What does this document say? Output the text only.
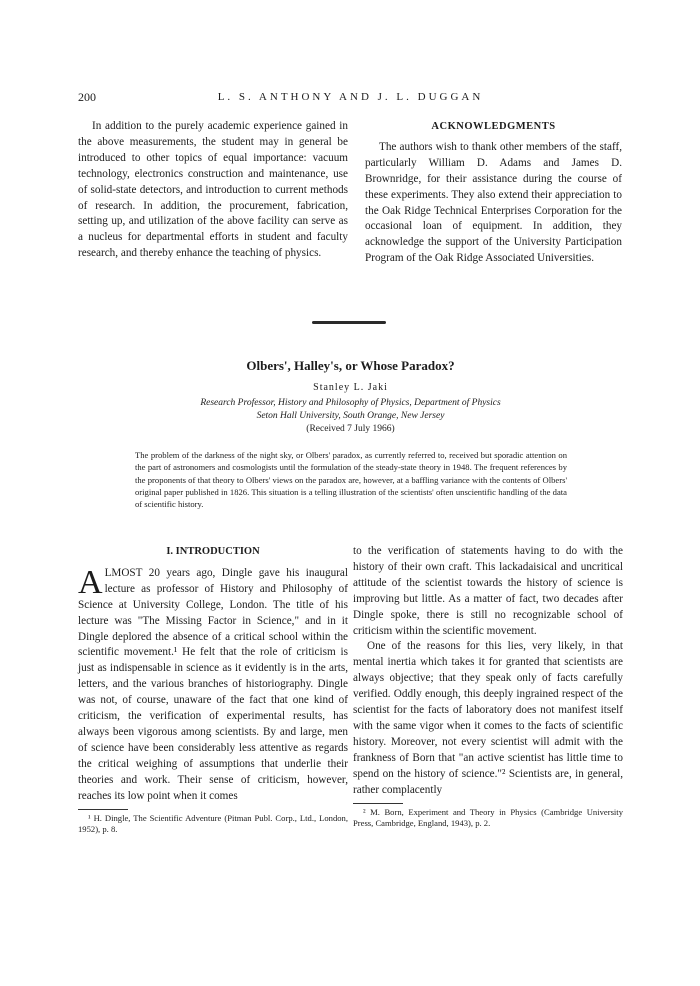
200	L. S. ANTHONY AND J. L. DUGGAN

In addition to the purely academic experience gained in the above measurements, the student may in general be introduced to other topics of equal importance: vacuum technology, electronics construction and maintenance, use of solid-state detectors, and introduction to current methods of research. In addition, the procurement, fabrication, setting up, and utilization of the above facility can serve as a nucleus for departmental efforts in student and faculty research, and thereby enhance the teaching of physics.

ACKNOWLEDGMENTS

The authors wish to thank other members of the staff, particularly William D. Adams and James D. Brownridge, for their assistance during the course of these experiments. They also extend their appreciation to the Oak Ridge Technical Enterprises Corporation for the occasional loan of equipment. In addition, they acknowledge the support of the University Participation Program of the Oak Ridge Associated Universities.

Olbers', Halley's, or Whose Paradox?
Stanley L. Jaki
Research Professor, History and Philosophy of Physics, Department of Physics
Seton Hall University, South Orange, New Jersey
(Received 7 July 1966)
The problem of the darkness of the night sky, or Olbers' paradox, as currently referred to, received but sporadic attention on the part of astronomers and cosmologists until the formulation of the steady-state theory in 1948. The frequent references by the proponents of that theory to Olbers' views on the paradox are, however, at a baffling variance with the contents of Olbers' original paper published in 1826. This situation is a telling illustration of the scientists' often unscientific handling of the data of scientific history.
I. INTRODUCTION

ALMOST 20 years ago, Dingle gave his inaugural lecture as professor of History and Philosophy of Science at University College, London. The title of his lecture was "The Missing Factor in Science," and in it Dingle deplored the absence of a critical school within the scientific movement.¹ He felt that the role of criticism is just as indispensable in science as it evidently is in the arts, letters, and the various branches of historiography. Dingle was not, of course, unaware of the fact that one kind of criticism, the verification of experimental results, has always been vigorous among scientists. By and large, men of science have been considerably less attentive as regards the critical weighing of assumptions that underlie their theories and work. Their sense of criticism, however, reaches its low point when it comes

¹ H. Dingle, The Scientific Adventure (Pitman Publ. Corp., Ltd., London, 1952), p. 8.

to the verification of statements having to do with the history of their own craft. This lackadaisical and uncritical attitude of the scientist towards the history of science is improving but little. As a matter of fact, two decades after Dingle spoke, there is still no recognizable school of criticism within the scientific movement.

One of the reasons for this lies, very likely, in that mental inertia which takes it for granted that scientists are always objective; that they speak only of facts carefully verified. Oddly enough, this deeply ingrained respect of the scientist for the facts of laboratory does not manifest itself with the same vigor when it comes to the facts of scientific history. Moreover, not every scientist will admit with the frankness of Born that "an active scientist has little time to spend on the history of science."² Scientists are, in general, rather complacently

² M. Born, Experiment and Theory in Physics (Cambridge University Press, Cambridge, England, 1943), p. 2.
